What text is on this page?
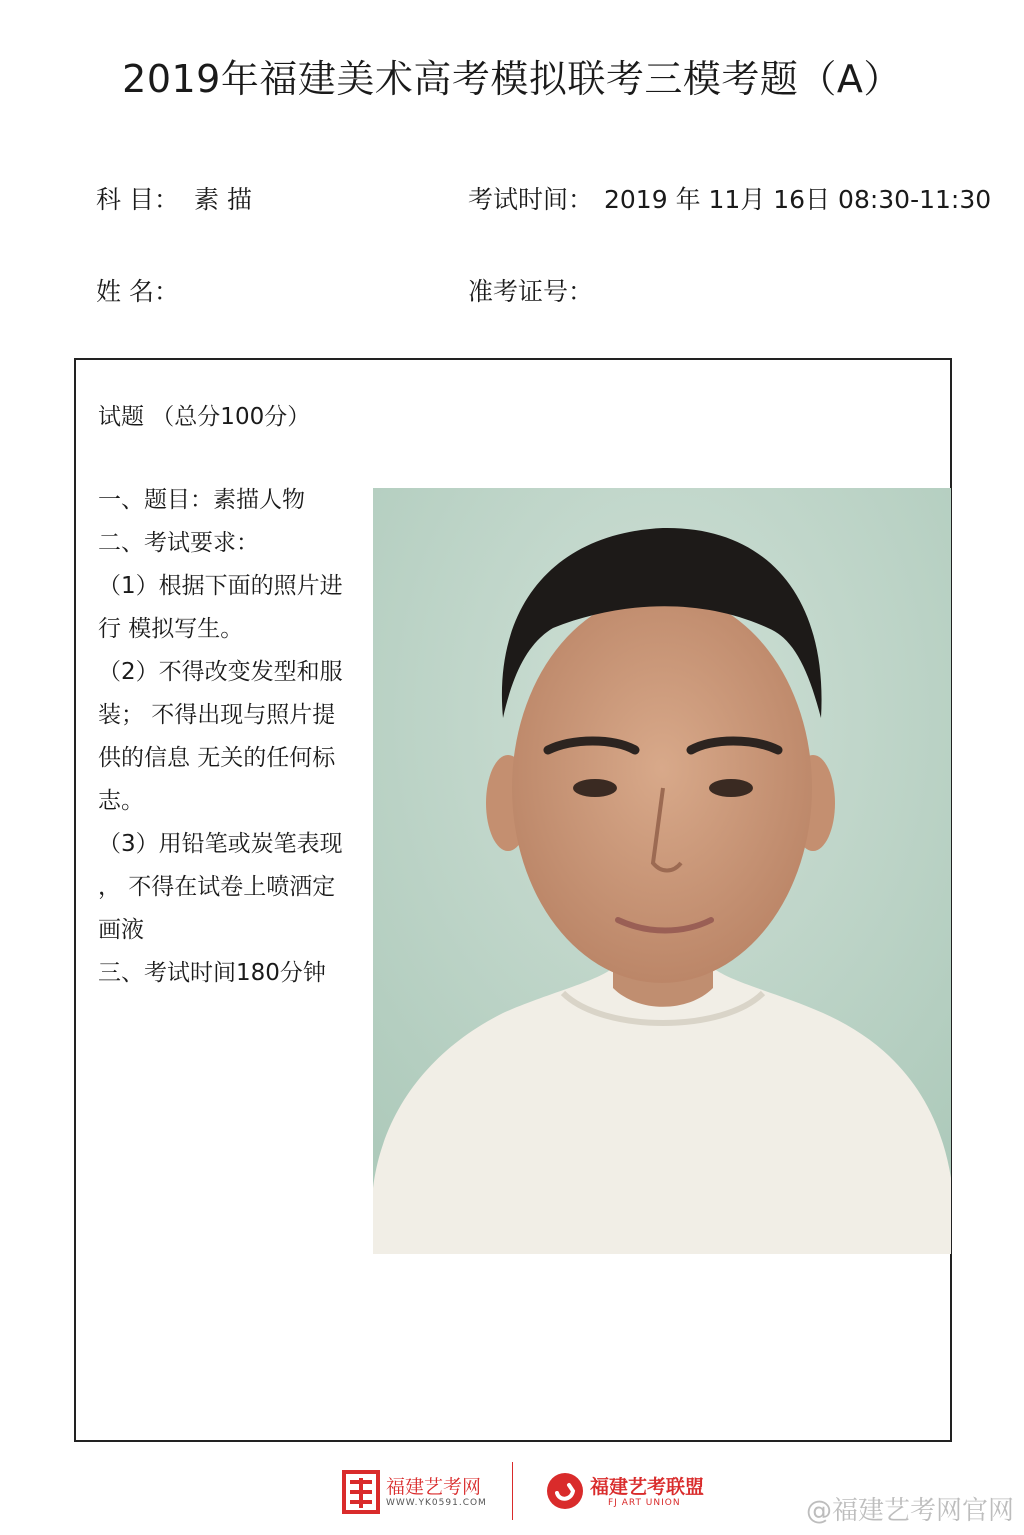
2019年福建美术高考模拟联考三模考题（A）
科 目： 素 描	考试时间： 2019 年 11月 16日 08:30-11:30
姓 名：	准考证号：
试题 （总分100分）
一、题目：素描人物
二、考试要求：
（1）根据下面的照片进
行 模拟写生。
（2）不得改变发型和服
装； 不得出现与照片提
供的信息 无关的任何标
志。
（3）用铅笔或炭笔表现
， 不得在试卷上喷洒定
画液
三、考试时间180分钟
福建艺考网
WWW.YK0591.COM
福建艺考联盟
FJ ART UNION	@福建艺考网官网
